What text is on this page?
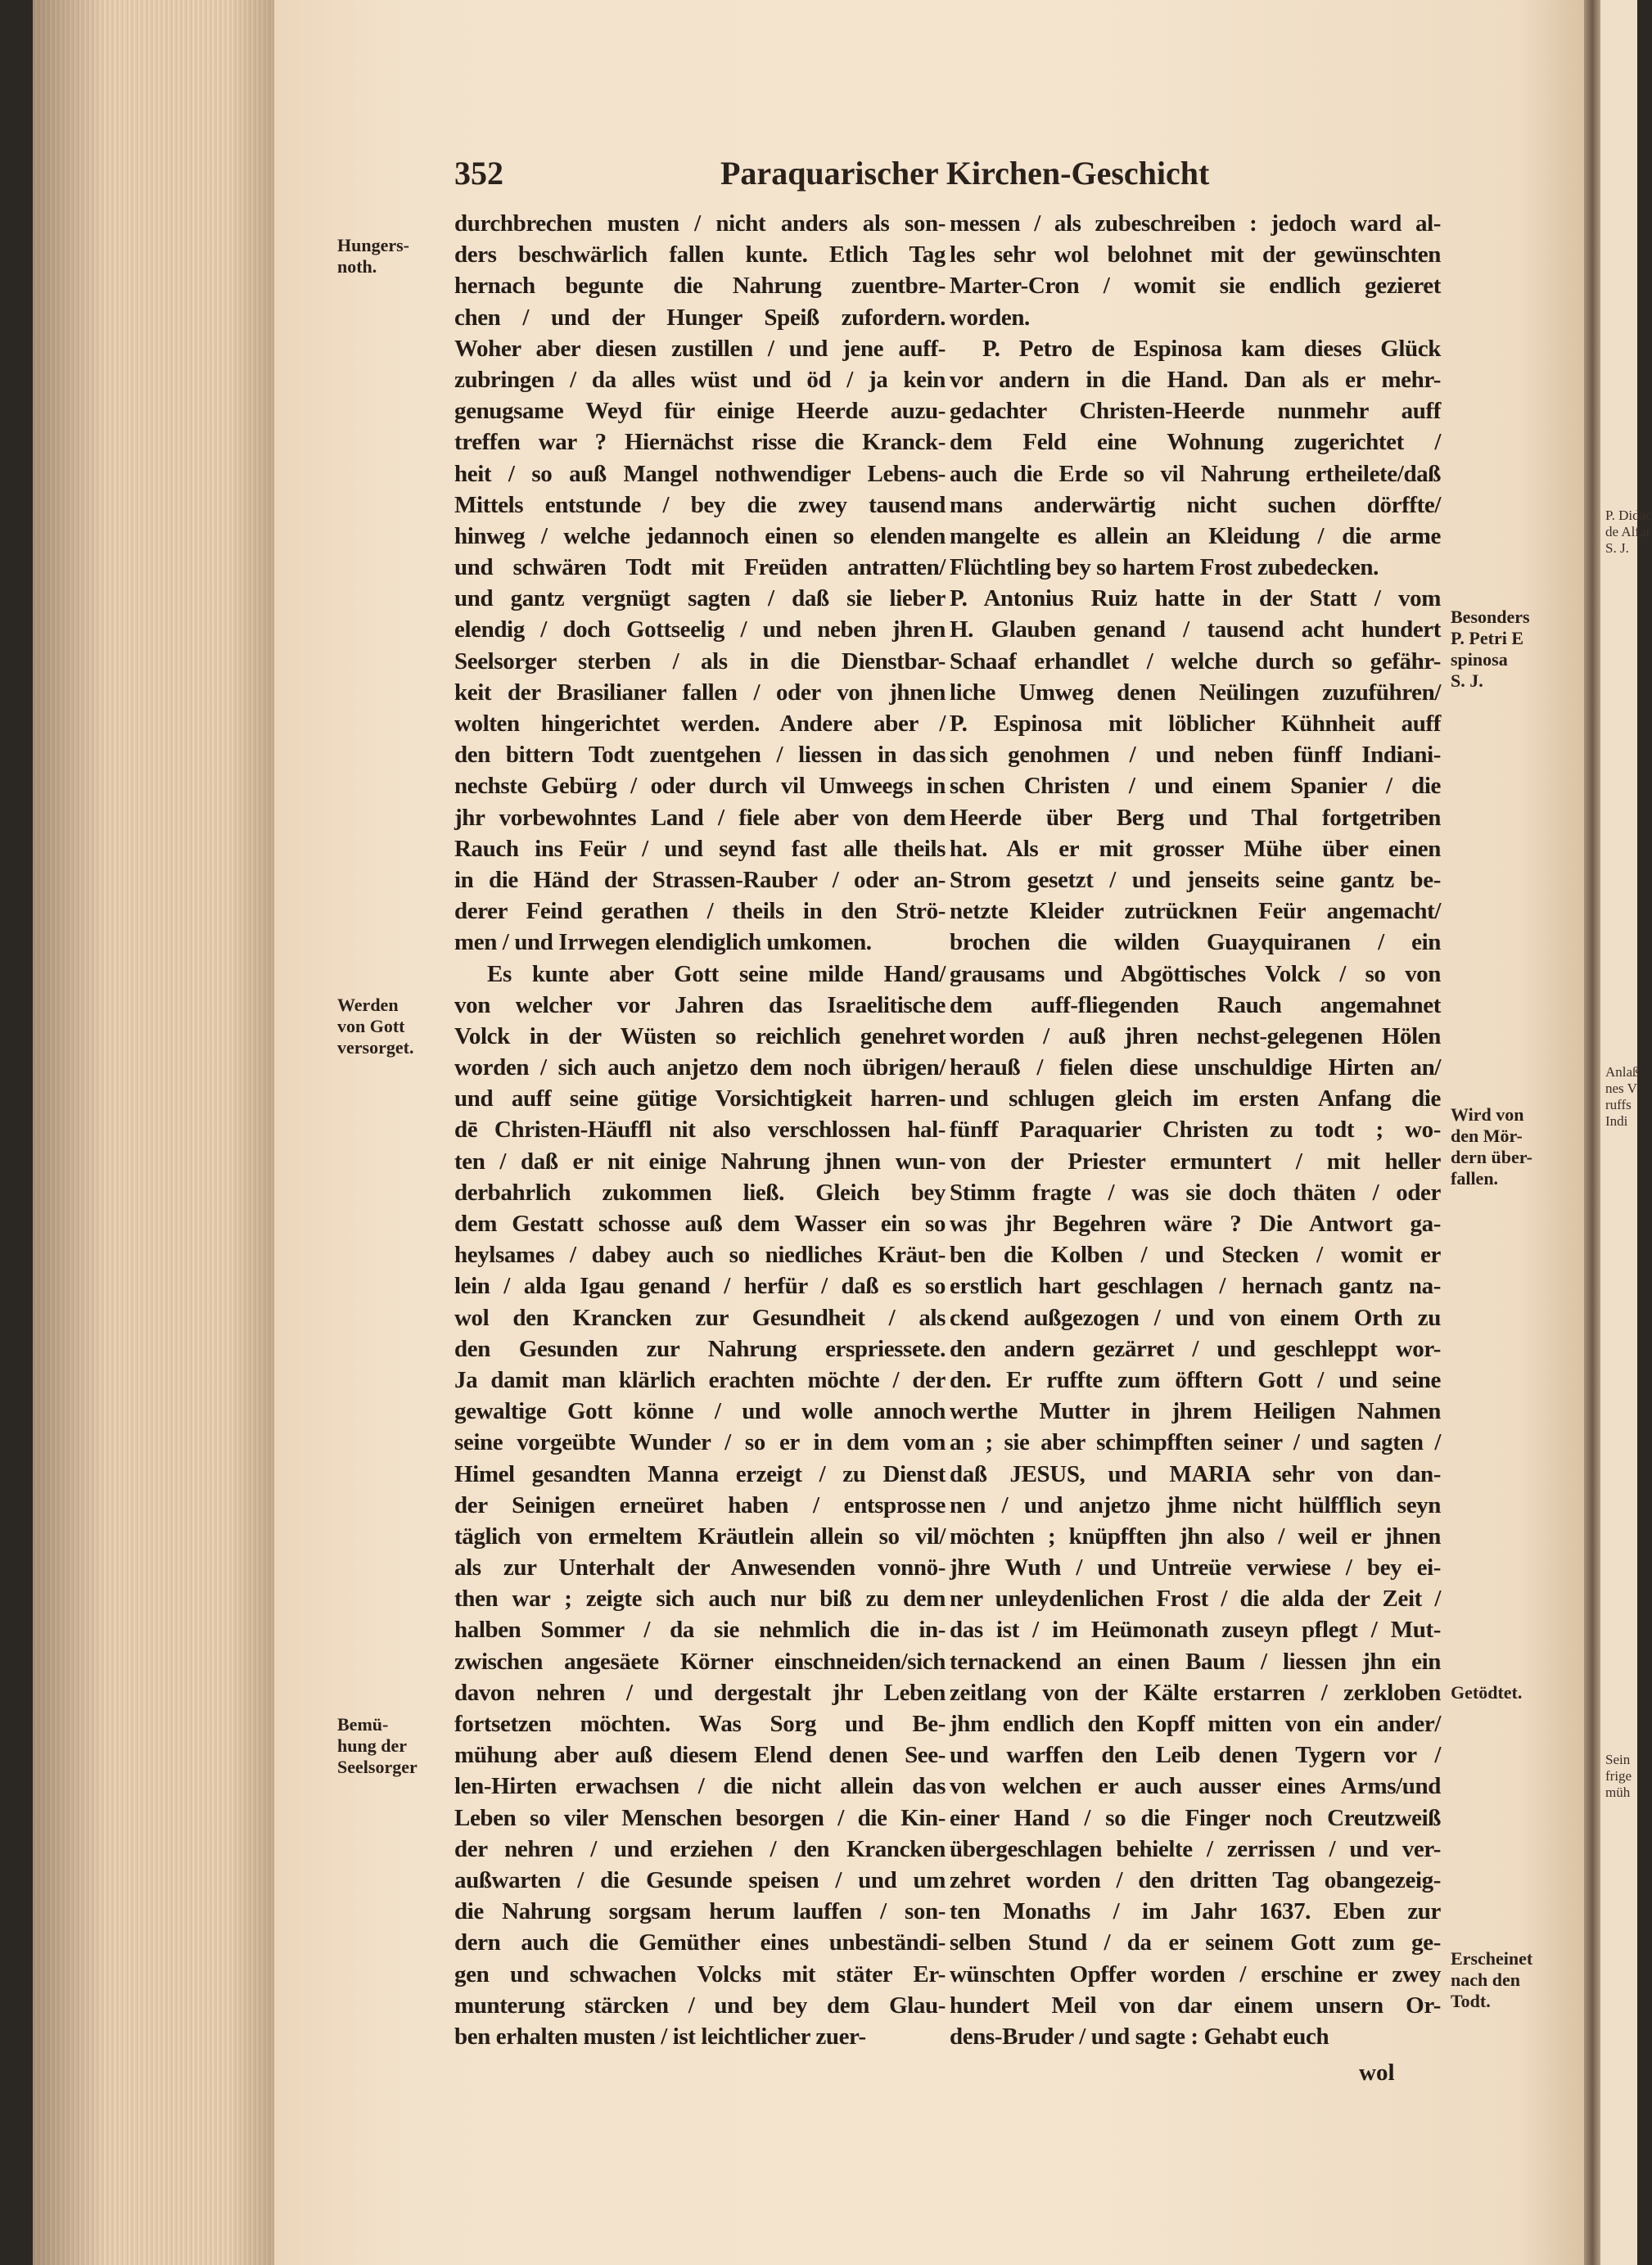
P. Didac
de Alfar
S. J.
Anlaß
nes V
ruffs
Indi
Sein
frige
müh
352	Paraquarischer Kirchen-Geschicht
durchbrechen musten / nicht anders als son-
ders beschwärlich fallen kunte. Etlich Tag
hernach begunte die Nahrung zuentbre-
chen / und der Hunger Speiß zufordern.
Woher aber diesen zustillen / und jene auff-
zubringen / da alles wüst und öd / ja kein
genugsame Weyd für einige Heerde auzu-
treffen war ? Hiernächst risse die Kranck-
heit / so auß Mangel nothwendiger Lebens-
Mittels entstunde / bey die zwey tausend
hinweg / welche jedannoch einen so elenden
und schwären Todt mit Freüden antratten/
und gantz vergnügt sagten / daß sie lieber
elendig / doch Gottseelig / und neben jhren
Seelsorger sterben / als in die Dienstbar-
keit der Brasilianer fallen / oder von jhnen
wolten hingerichtet werden. Andere aber /
den bittern Todt zuentgehen / liessen in das
nechste Gebürg / oder durch vil Umweegs in
jhr vorbewohntes Land / fiele aber von dem
Rauch ins Feür / und seynd fast alle theils
in die Händ der Strassen-Rauber / oder an-
derer Feind gerathen / theils in den Strö-
men / und Irrwegen elendiglich umkomen.
Es kunte aber Gott seine milde Hand/
von welcher vor Jahren das Israelitische
Volck in der Wüsten so reichlich genehret
worden / sich auch anjetzo dem noch übrigen/
und auff seine gütige Vorsichtigkeit harren-
dē Christen-Häuffl nit also verschlossen hal-
ten / daß er nit einige Nahrung jhnen wun-
derbahrlich zukommen ließ. Gleich bey
dem Gestatt schosse auß dem Wasser ein so
heylsames / dabey auch so niedliches Kräut-
lein / alda Igau genand / herfür / daß es so
wol den Krancken zur Gesundheit / als
den Gesunden zur Nahrung erspriessete.
Ja damit man klärlich erachten möchte / der
gewaltige Gott könne / und wolle annoch
seine vorgeübte Wunder / so er in dem vom
Himel gesandten Manna erzeigt / zu Dienst
der Seinigen erneüret haben / entsprosse
täglich von ermeltem Kräutlein allein so vil/
als zur Unterhalt der Anwesenden vonnö-
then war ; zeigte sich auch nur biß zu dem
halben Sommer / da sie nehmlich die in-
zwischen angesäete Körner einschneiden/sich
davon nehren / und dergestalt jhr Leben
fortsetzen möchten. Was Sorg und Be-
mühung aber auß diesem Elend denen See-
len-Hirten erwachsen / die nicht allein das
Leben so viler Menschen besorgen / die Kin-
der nehren / und erziehen / den Krancken
außwarten / die Gesunde speisen / und um
die Nahrung sorgsam herum lauffen / son-
dern auch die Gemüther eines unbeständi-
gen und schwachen Volcks mit stäter Er-
munterung stärcken / und bey dem Glau-
ben erhalten musten / ist leichtlicher zuer-
messen / als zubeschreiben : jedoch ward al-
les sehr wol belohnet mit der gewünschten
Marter-Cron / womit sie endlich gezieret
worden.
P. Petro de Espinosa kam dieses Glück
vor andern in die Hand. Dan als er mehr-
gedachter Christen-Heerde nunmehr auff
dem Feld eine Wohnung zugerichtet /
auch die Erde so vil Nahrung ertheilete/daß
mans anderwärtig nicht suchen dörffte/
mangelte es allein an Kleidung / die arme
Flüchtling bey so hartem Frost zubedecken.
P. Antonius Ruiz hatte in der Statt / vom
H. Glauben genand / tausend acht hundert
Schaaf erhandlet / welche durch so gefähr-
liche Umweg denen Neülingen zuzuführen/
P. Espinosa mit löblicher Kühnheit auff
sich genohmen / und neben fünff Indiani-
schen Christen / und einem Spanier / die
Heerde über Berg und Thal fortgetriben
hat. Als er mit grosser Mühe über einen
Strom gesetzt / und jenseits seine gantz be-
netzte Kleider zutrücknen Feür angemacht/
brochen die wilden Guayquiranen / ein
grausams und Abgöttisches Volck / so von
dem auff-fliegenden Rauch angemahnet
worden / auß jhren nechst-gelegenen Hölen
herauß / fielen diese unschuldige Hirten an/
und schlugen gleich im ersten Anfang die
fünff Paraquarier Christen zu todt ; wo-
von der Priester ermuntert / mit heller
Stimm fragte / was sie doch thäten / oder
was jhr Begehren wäre ? Die Antwort ga-
ben die Kolben / und Stecken / womit er
erstlich hart geschlagen / hernach gantz na-
ckend außgezogen / und von einem Orth zu
den andern gezärret / und geschleppt wor-
den. Er ruffte zum öfftern Gott / und seine
werthe Mutter in jhrem Heiligen Nahmen
an ; sie aber schimpfften seiner / und sagten /
daß JESUS, und MARIA sehr von dan-
nen / und anjetzo jhme nicht hülfflich seyn
möchten ; knüpfften jhn also / weil er jhnen
jhre Wuth / und Untreüe verwiese / bey ei-
ner unleydenlichen Frost / die alda der Zeit /
das ist / im Heümonath zuseyn pflegt / Mut-
ternackend an einen Baum / liessen jhn ein
zeitlang von der Kälte erstarren / zerkloben
jhm endlich den Kopff mitten von ein ander/
und warffen den Leib denen Tygern vor /
von welchen er auch ausser eines Arms/und
einer Hand / so die Finger noch Creutzweiß
übergeschlagen behielte / zerrissen / und ver-
zehret worden / den dritten Tag obangezeig-
ten Monaths / im Jahr 1637. Eben zur
selben Stund / da er seinem Gott zum ge-
wünschten Opffer worden / erschine er zwey
hundert Meil von dar einem unsern Or-
dens-Bruder / und sagte : Gehabt euch
wol
Hungers-
noth.
Werden
von Gott
versorget.
Bemü-
hung der
Seelsorger
Besonders
P. Petri E
spinosa
S. J.
Wird von
den Mör-
dern über-
fallen.
Getödtet.
Erscheinet
nach den
Todt.
